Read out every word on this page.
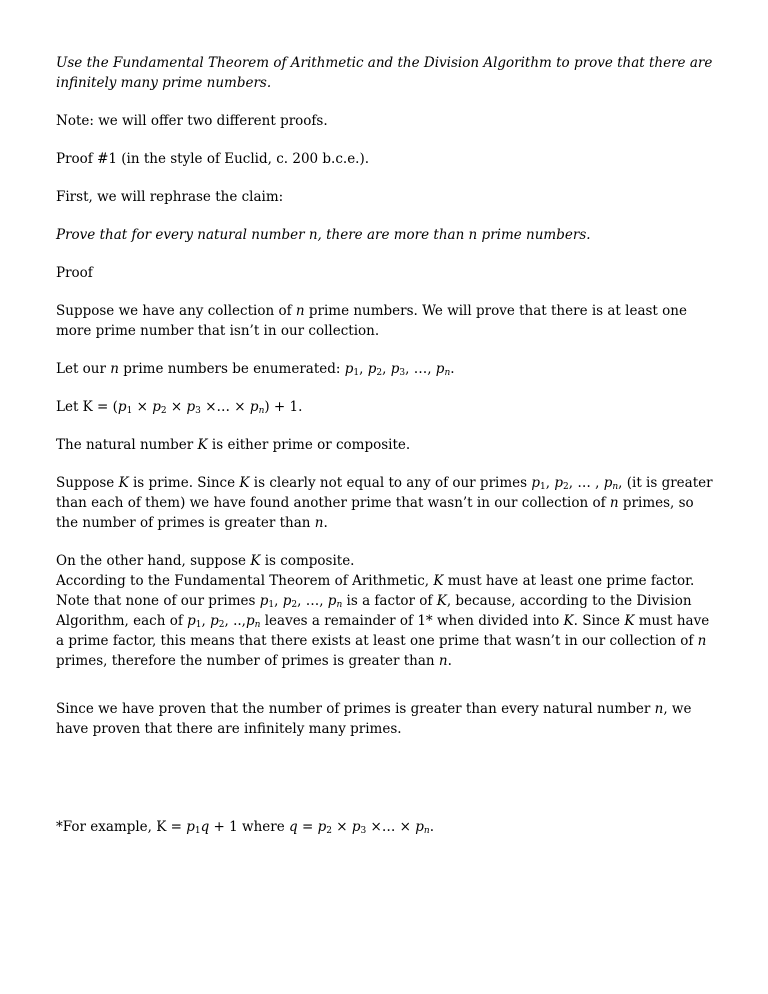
Use the Fundamental Theorem of Arithmetic and the Division Algorithm to prove that there are infinitely many prime numbers.

Note: we will offer two different proofs.

Proof #1 (in the style of Euclid, c. 200 b.c.e.).

First, we will rephrase the claim:

Prove that for every natural number n, there are more than n prime numbers.

Proof

Suppose we have any collection of n prime numbers. We will prove that there is at least one more prime number that isn’t in our collection.

Let our n prime numbers be enumerated: $p_1$, $p_2$, $p_3$, …, $p_n$.

Let $K = (p_1 \times p_2 \times p_3$ ×… × $p_n) + 1$.

The natural number K is either prime or composite.

Suppose K is prime. Since K is clearly not equal to any of our primes $p_1$, $p_2$, … , $p_n$, (it is greater than each of them) we have found another prime that wasn’t in our collection of n primes, so the number of primes is greater than n.

On the other hand, suppose K is composite.
According to the Fundamental Theorem of Arithmetic, K must have at least one prime factor.
Note that none of our primes $p_1$, $p_2$, …, $p_n$ is a factor of K, because, according to the Division Algorithm, each of $p_1$, $p_2$, $..,p_n$ leaves a remainder of 1* when divided into K. Since K must have a prime factor, this means that there exists at least one prime that wasn’t in our collection of n primes, therefore the number of primes is greater than n.

Since we have proven that the number of primes is greater than every natural number n, we have proven that there are infinitely many primes.

*For example, $K = p_1q + 1$ where $q = p_2 \times p_3$ ×… × $p_n$.
